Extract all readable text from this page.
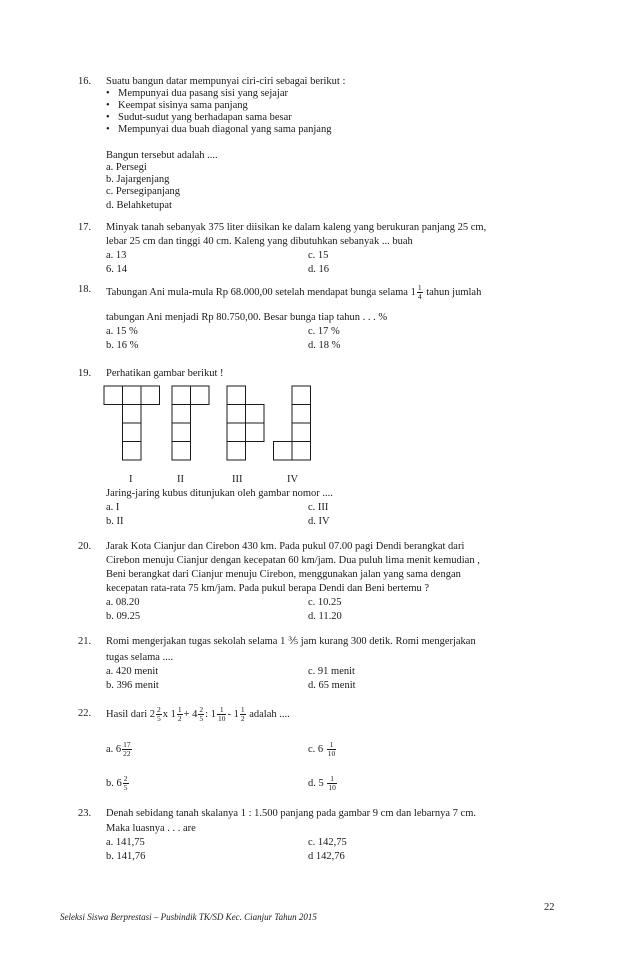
16. Suatu bangun datar mempunyai ciri-ciri sebagai berikut :
• Mempunyai dua pasang sisi yang sejajar
• Keempat sisinya sama panjang
• Sudut-sudut yang berhadapan sama besar
• Mempunyai dua buah diagonal yang sama panjang
Bangun tersebut adalah ....
a. Persegi
b. Jajargenjang
c. Persegipanjang
d. Belahketupat
17. Minyak tanah sebanyak 375 liter diisikan ke dalam kaleng yang berukuran panjang 25 cm,
lebar 25 cm dan tinggi 40 cm. Kaleng yang dibutuhkan sebanyak ... buah
a. 13	c. 15
6. 14	d. 16
18. Tabungan Ani mula-mula Rp 68.000,00 setelah mendapat bunga selama $1 \frac{1}{4}$ tahun jumlah
tabungan Ani menjadi Rp 80.750,00. Besar bunga tiap tahun . . . %
a. 15 %	c. 17 %
b. 16 %	d. 18 %
19. Perhatikan gambar berikut !
I	II	III	IV
Jaring-jaring kubus ditunjukan oleh gambar nomor ....
a. I	c. III
b. II	d. IV
20. Jarak Kota Cianjur dan Cirebon 430 km. Pada pukul 07.00 pagi Dendi berangkat dari
Cirebon menuju Cianjur dengan kecepatan 60 km/jam. Dua puluh lima menit kemudian ,
Beni berangkat dari Cianjur menuju Cirebon, menggunakan jalan yang sama dengan
kecepatan rata-rata 75 km/jam. Pada pukul berapa Dendi dan Beni bertemu ?
a. 08.20	c. 10.25
b. 09.25	d. 11.20
21. Romi mengerjakan tugas sekolah selama 1 ⅗ jam kurang 300 detik. Romi mengerjakan
tugas selama ....
a. 420 menit	c. 91 menit
b. 396 menit	d. 65 menit
22. Hasil dari $2 \frac{2}{5}$ x $1 \frac{1}{2} + 4 \frac{2}{5}$ : $1 \frac{1}{10} - 1 \frac{1}{2}$ adalah ....
a. $6 \frac{17}{22}$	c. $6 \frac{1}{10}$
b. $6 \frac{2}{5}$	d. $5 \frac{1}{10}$
23. Denah sebidang tanah skalanya 1 : 1.500 panjang pada gambar 9 cm dan lebarnya 7 cm.
Maka luasnya . . . are
a. 141,75	c. 142,75
b. 141,76	d 142,76
22
Seleksi Siswa Berprestasi – Pusbindik TK/SD Kec. Cianjur Tahun 2015
